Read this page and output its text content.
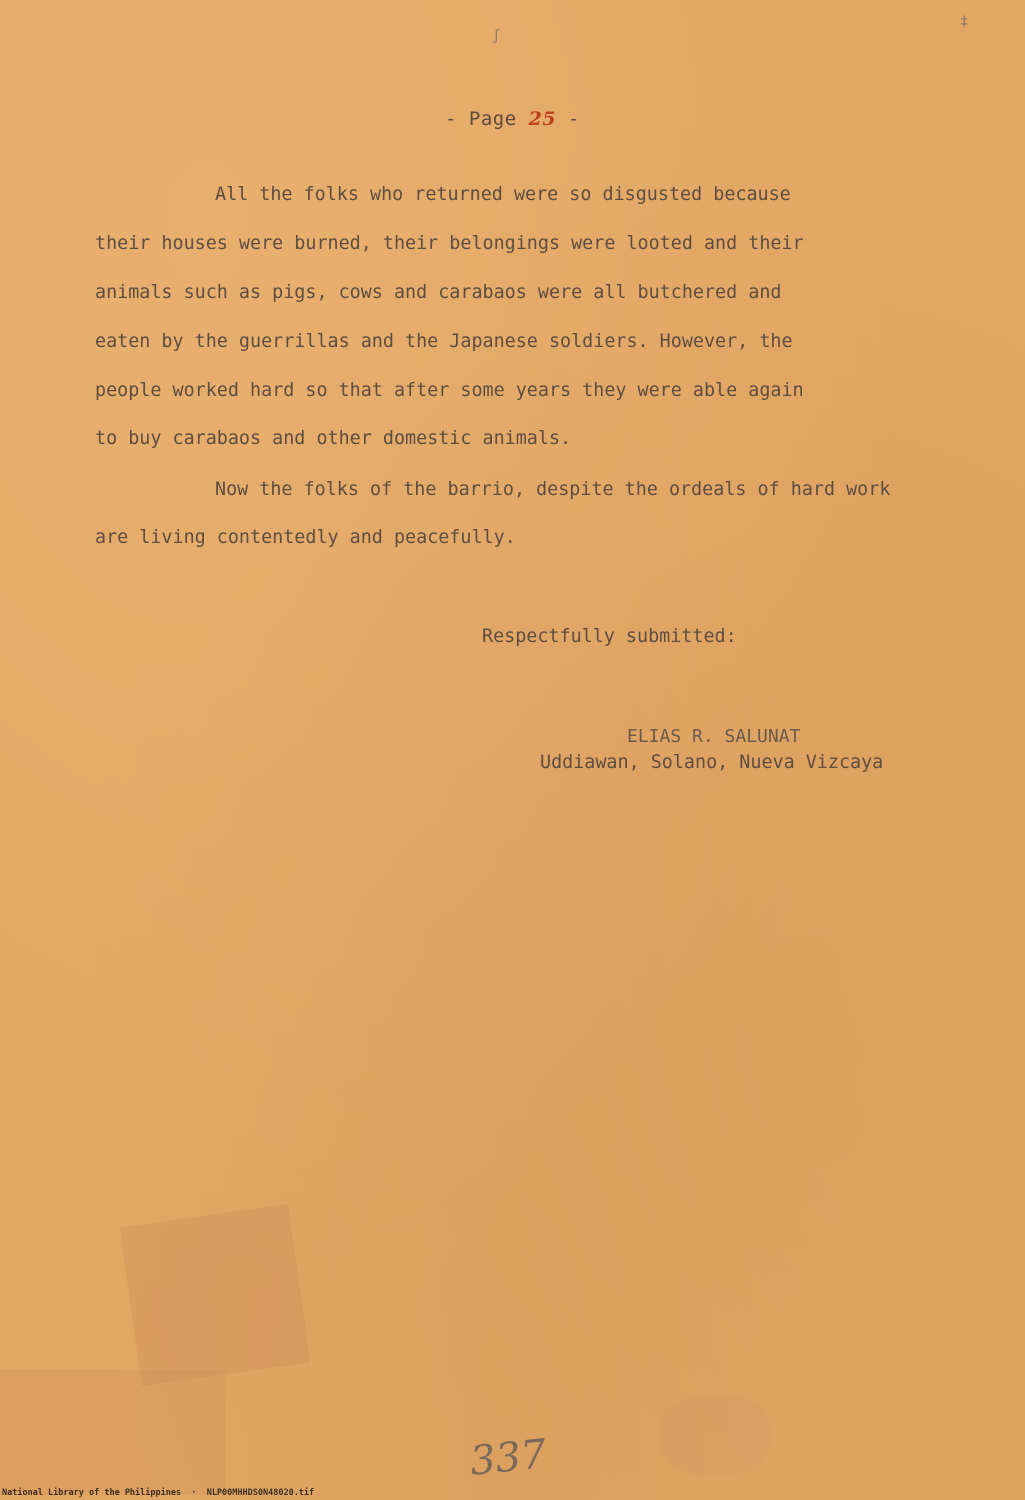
ʃ
‡
- Page 25 -

All the folks who returned were so disgusted because

their houses were burned, their belongings were looted and their

animals such as pigs, cows and carabaos were all butchered and

eaten by the guerrillas and the Japanese soldiers. However, the

people worked hard so that after some years they were able again

to buy carabaos and other domestic animals.

Now the folks of the barrio, despite the ordeals of hard work

are living contentedly and peacefully.

Respectfully submitted:

ELIAS R. SALUNAT
Uddiawan, Solano, Nueva Vizcaya
337
National Library of the Philippines  ·  NLP00MHHDS0N48020.tif
